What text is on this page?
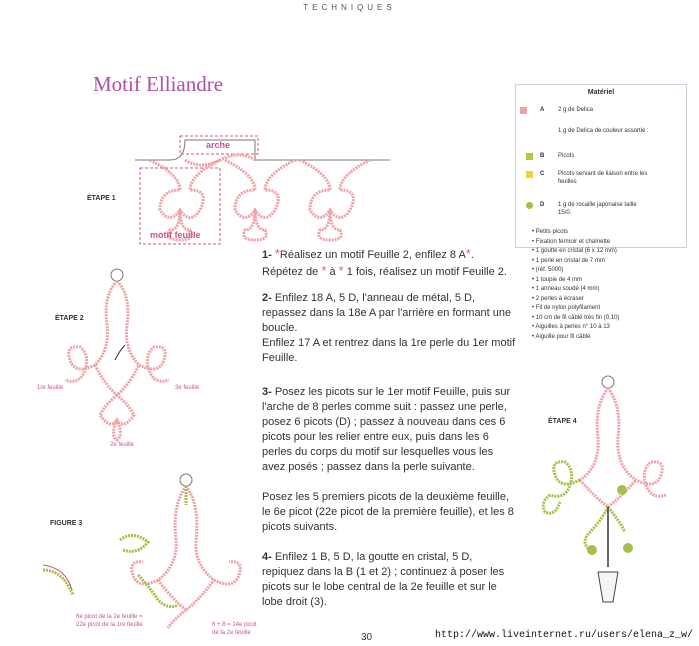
TECHNIQUES
Motif Elliandre
ÉTAPE 1
arche
motif feuille
ÉTAPE 2
1re feuille	3e feuille
2e feuille
FIGURE 3
6e picot de la 2e feuille =
22e picot de la 1re feuille	6 + 8 = 14e picot
de la 2e feuille
ÉTAPE 4
1- *Réalisez un motif Feuille 2, enfilez 8 A*.
Répétez de * à * 1 fois, réalisez un motif Feuille 2.
2- Enfilez 18 A, 5 D, l'anneau de métal, 5 D, repassez dans la 18e A par l'arrière en formant une boucle.
Enfilez 17 A et rentrez dans la 1re perle du 1er motif Feuille.
3- Posez les picots sur le 1er motif Feuille, puis sur l'arche de 8 perles comme suit : passez une perle, posez 6 picots (D) ; passez à nouveau dans ces 6 picots pour les relier entre eux, puis dans les 6 perles du corps du motif sur lesquelles vous les avez posés ; passez dans la perle suivante.
Posez les 5 premiers picots de la deuxième feuille, le 6e picot (22e picot de la première feuille), et les 8 picots suivants.
4- Enfilez 1 B, 5 D, la goutte en cristal, 5 D, repiquez dans la B (1 et 2) ; continuez à poser les picots sur le lobe central de la 2e feuille et sur le lobe droit (3).
Matériel
A 2 g de Delica
1 g de Delica de couleur assortie :
B Picots
C Picots servant de liaison entre les feuilles
D 1 g de rocaille japonaise taille 15/0.
• Petits picots
• Fixation fermoir et chaînette
• 1 goutte en cristal (6 x 12 mm)
• 1 perle en cristal de 7 mm
• (réf. 5000)
• 1 toupie de 4 mm
• 1 anneau soudé (4 mm)
• 2 perles à écraser
• Fil de nylon polyfilament
• 10 cm de fil câblé très fin (0,10)
• Aiguilles à perles n° 10 à 13
• Aiguille pour fil câblé
30	http://www.liveinternet.ru/users/elena_z_w/
